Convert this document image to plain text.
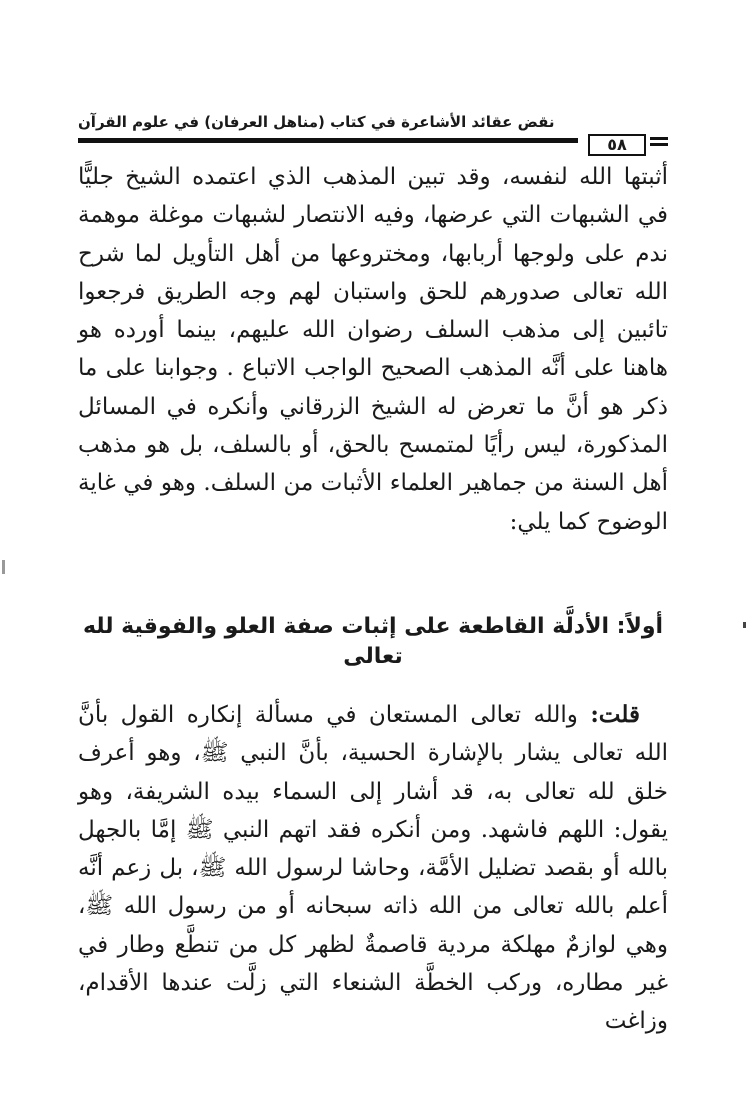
نقض عقائد الأشاعرة في كتاب (مناهل العرفان) في علوم القرآن
٥٨

أثبتها الله لنفسه، وقد تبين المذهب الذي اعتمده الشيخ جليًّا في الشبهات التي عرضها، وفيه الانتصار لشبهات موغلة موهمة ندم على ولوجها أربابها، ومختروعها من أهل التأويل لما شرح الله تعالى صدورهم للحق واستبان لهم وجه الطريق فرجعوا تائبين إلى مذهب السلف رضوان الله عليهم، بينما أورده هو هاهنا على أنَّه المذهب الصحيح الواجب الاتباع . وجوابنا على ما ذكر هو أنَّ ما تعرض له الشيخ الزرقاني وأنكره في المسائل المذكورة، ليس رأيًا لمتمسح بالحق، أو بالسلف، بل هو مذهب أهل السنة من جماهير العلماء الأثبات من السلف. وهو في غاية الوضوح كما يلي:

أولاً: الأدلَّة القاطعة على إثبات صفة العلو والفوقية لله تعالى

قلت: والله تعالى المستعان في مسألة إنكاره القول بأنَّ الله تعالى يشار بالإشارة الحسية، بأنَّ النبي ﷺ، وهو أعرف خلق لله تعالى به، قد أشار إلى السماء بيده الشريفة، وهو يقول: اللهم فاشهد. ومن أنكره فقد اتهم النبي ﷺ إمَّا بالجهل بالله أو بقصد تضليل الأمَّة، وحاشا لرسول الله ﷺ، بل زعم أنَّه أعلم بالله تعالى من الله ذاته سبحانه أو من رسول الله ﷺ، وهي لوازمٌ مهلكة مردية قاصمةٌ لظهر كل من تنطَّع وطار في غير مطاره، وركب الخطَّة الشنعاء التي زلَّت عندها الأقدام، وزاغت
